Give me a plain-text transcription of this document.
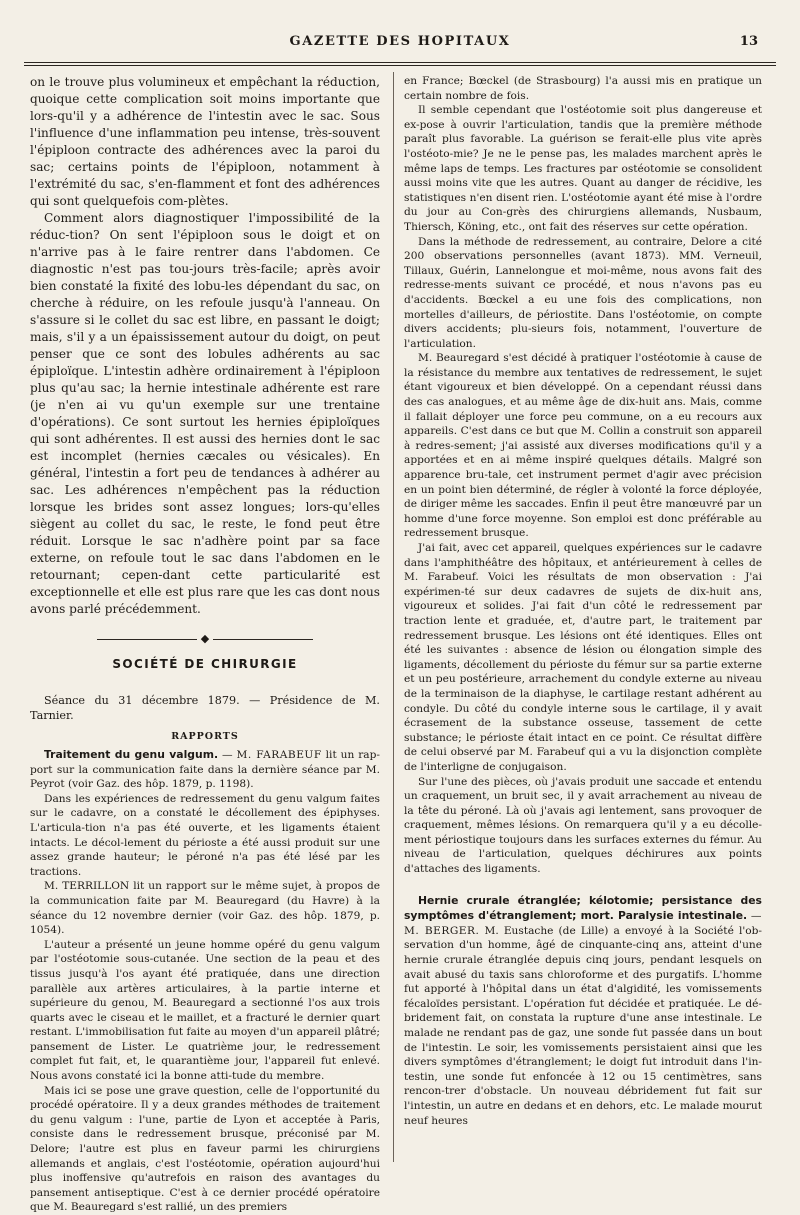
GAZETTE DES HOPITAUX	13

on le trouve plus volumineux et empêchant la réduction, quoique cette complication soit moins importante que lors-qu'il y a adhérence de l'intestin avec le sac. Sous l'influence d'une inflammation peu intense, très-souvent l'épiploon contracte des adhérences avec la paroi du sac; certains points de l'épiploon, notamment à l'extrémité du sac, s'en-flamment et font des adhérences qui sont quelquefois com-plètes.

Comment alors diagnostiquer l'impossibilité de la réduc-tion? On sent l'épiploon sous le doigt et on n'arrive pas à le faire rentrer dans l'abdomen. Ce diagnostic n'est pas tou-jours très-facile; après avoir bien constaté la fixité des lobu-les dépendant du sac, on cherche à réduire, on les refoule jusqu'à l'anneau. On s'assure si le collet du sac est libre, en passant le doigt; mais, s'il y a un épaississement autour du doigt, on peut penser que ce sont des lobules adhérents au sac épiploïque. L'intestin adhère ordinairement à l'épiploon plus qu'au sac; la hernie intestinale adhérente est rare (je n'en ai vu qu'un exemple sur une trentaine d'opérations). Ce sont surtout les hernies épiploïques qui sont adhérentes. Il est aussi des hernies dont le sac est incomplet (hernies cæcales ou vésicales). En général, l'intestin a fort peu de tendances à adhérer au sac. Les adhérences n'empêchent pas la réduction lorsque les brides sont assez longues; lors-qu'elles siègent au collet du sac, le reste, le fond peut être réduit. Lorsque le sac n'adhère point par sa face externe, on refoule tout le sac dans l'abdomen en le retournant; cepen-dant cette particularité est exceptionnelle et elle est plus rare que les cas dont nous avons parlé précédemment.

◆
SOCIÉTÉ DE CHIRURGIE

Séance du 31 décembre 1879. — Présidence de M. Tarnier.

RAPPORTS

Traitement du genu valgum. — M. FARABEUF lit un rap-port sur la communication faite dans la dernière séance par M. Peyrot (voir Gaz. des hôp. 1879, p. 1198).

Dans les expériences de redressement du genu valgum faites sur le cadavre, on a constaté le décollement des épiphyses. L'articula-tion n'a pas été ouverte, et les ligaments étaient intacts. Le décol-lement du périoste a été aussi produit sur une assez grande hauteur; le péroné n'a pas été lésé par les tractions.

M. TERRILLON lit un rapport sur le même sujet, à propos de la communication faite par M. Beauregard (du Havre) à la séance du 12 novembre dernier (voir Gaz. des hôp. 1879, p. 1054).

L'auteur a présenté un jeune homme opéré du genu valgum par l'ostéotomie sous-cutanée. Une section de la peau et des tissus jusqu'à l'os ayant été pratiquée, dans une direction parallèle aux artères articulaires, à la partie interne et supérieure du genou, M. Beauregard a sectionné l'os aux trois quarts avec le ciseau et le maillet, et a fracturé le dernier quart restant. L'immobilisation fut faite au moyen d'un appareil plâtré; pansement de Lister. Le quatrième jour, le redressement complet fut fait, et, le quarantième jour, l'appareil fut enlevé. Nous avons constaté ici la bonne atti-tude du membre.

Mais ici se pose une grave question, celle de l'opportunité du procédé opératoire. Il y a deux grandes méthodes de traitement du genu valgum : l'une, partie de Lyon et acceptée à Paris, consiste dans le redressement brusque, préconisé par M. Delore; l'autre est plus en faveur parmi les chirurgiens allemands et anglais, c'est l'ostéotomie, opération aujourd'hui plus inoffensive qu'autrefois en raison des avantages du pansement antiseptique. C'est à ce dernier procédé opératoire que M. Beauregard s'est rallié, un des premiers

en France; Bœckel (de Strasbourg) l'a aussi mis en pratique un certain nombre de fois.

Il semble cependant que l'ostéotomie soit plus dangereuse et ex-pose à ouvrir l'articulation, tandis que la première méthode paraît plus favorable. La guérison se ferait-elle plus vite après l'ostéoto-mie? Je ne le pense pas, les malades marchent après le même laps de temps. Les fractures par ostéotomie se consolident aussi moins vite que les autres. Quant au danger de récidive, les statistiques n'en disent rien. L'ostéotomie ayant été mise à l'ordre du jour au Con-grès des chirurgiens allemands, Nusbaum, Thiersch, Köning, etc., ont fait des réserves sur cette opération.

Dans la méthode de redressement, au contraire, Delore a cité 200 observations personnelles (avant 1873). MM. Verneuil, Tillaux, Guérin, Lannelongue et moi-même, nous avons fait des redresse-ments suivant ce procédé, et nous n'avons pas eu d'accidents. Bœckel a eu une fois des complications, non mortelles d'ailleurs, de périostite. Dans l'ostéotomie, on compte divers accidents; plu-sieurs fois, notamment, l'ouverture de l'articulation.

M. Beauregard s'est décidé à pratiquer l'ostéotomie à cause de la résistance du membre aux tentatives de redressement, le sujet étant vigoureux et bien développé. On a cependant réussi dans des cas analogues, et au même âge de dix-huit ans. Mais, comme il fallait déployer une force peu commune, on a eu recours aux appareils. C'est dans ce but que M. Collin a construit son appareil à redres-sement; j'ai assisté aux diverses modifications qu'il y a apportées et en ai même inspiré quelques détails. Malgré son apparence bru-tale, cet instrument permet d'agir avec précision en un point bien déterminé, de régler à volonté la force déployée, de diriger même les saccades. Enfin il peut être manœuvré par un homme d'une force moyenne. Son emploi est donc préférable au redressement brusque.

J'ai fait, avec cet appareil, quelques expériences sur le cadavre dans l'amphithéâtre des hôpitaux, et antérieurement à celles de M. Farabeuf. Voici les résultats de mon observation : J'ai expérimen-té sur deux cadavres de sujets de dix-huit ans, vigoureux et solides. J'ai fait d'un côté le redressement par traction lente et graduée, et, d'autre part, le traitement par redressement brusque. Les lésions ont été identiques. Elles ont été les suivantes : absence de lésion ou élongation simple des ligaments, décollement du périoste du fémur sur sa partie externe et un peu postérieure, arrachement du condyle externe au niveau de la terminaison de la diaphyse, le cartilage restant adhérent au condyle. Du côté du condyle interne sous le cartilage, il y avait écrasement de la substance osseuse, tassement de cette substance; le périoste était intact en ce point. Ce résultat diffère de celui observé par M. Farabeuf qui a vu la disjonction complète de l'interligne de conjugaison.

Sur l'une des pièces, où j'avais produit une saccade et entendu un craquement, un bruit sec, il y avait arrachement au niveau de la tête du péroné. Là où j'avais agi lentement, sans provoquer de craquement, mêmes lésions. On remarquera qu'il y a eu décolle-ment périostique toujours dans les surfaces externes du fémur. Au niveau de l'articulation, quelques déchirures aux points d'attaches des ligaments.

Hernie crurale étranglée; kélotomie; persistance des symptômes d'étranglement; mort. Paralysie intestinale. — M. BERGER. M. Eustache (de Lille) a envoyé à la Société l'ob-servation d'un homme, âgé de cinquante-cinq ans, atteint d'une hernie crurale étranglée depuis cinq jours, pendant lesquels on avait abusé du taxis sans chloroforme et des purgatifs. L'homme fut apporté à l'hôpital dans un état d'algidité, les vomissements fécaloïdes persistant. L'opération fut décidée et pratiquée. Le dé-bridement fait, on constata la rupture d'une anse intestinale. Le malade ne rendant pas de gaz, une sonde fut passée dans un bout de l'intestin. Le soir, les vomissements persistaient ainsi que les divers symptômes d'étranglement; le doigt fut introduit dans l'in-testin, une sonde fut enfoncée à 12 ou 15 centimètres, sans rencon-trer d'obstacle. Un nouveau débridement fut fait sur l'intestin, un autre en dedans et en dehors, etc. Le malade mourut neuf heures
